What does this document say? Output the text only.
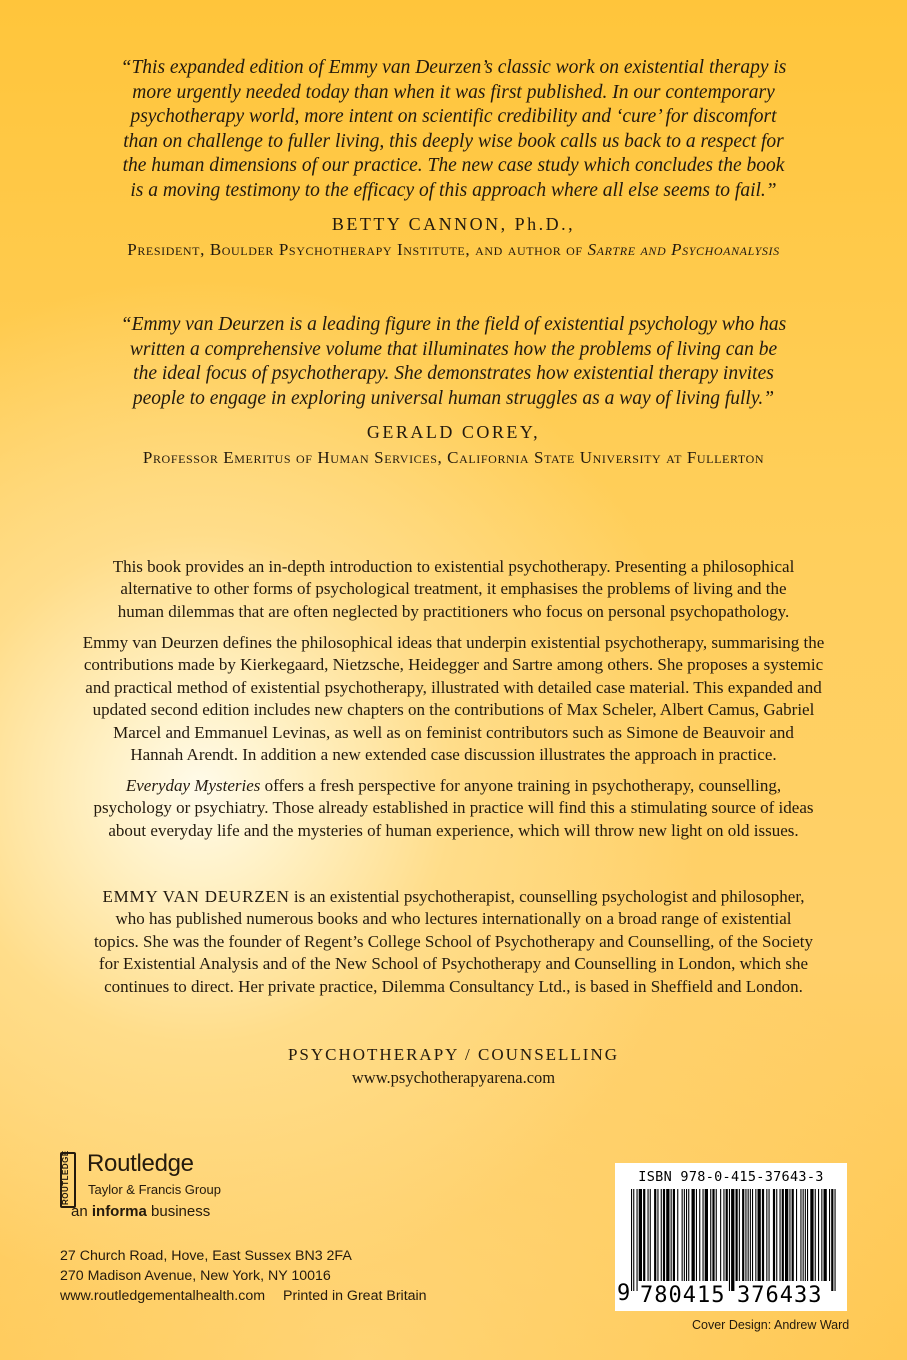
“This expanded edition of Emmy van Deurzen’s classic work on existential therapy is
more urgently needed today than when it was first published. In our contemporary
psychotherapy world, more intent on scientific credibility and ‘cure’ for discomfort
than on challenge to fuller living, this deeply wise book calls us back to a respect for
the human dimensions of our practice. The new case study which concludes the book
is a moving testimony to the efficacy of this approach where all else seems to fail.”
BETTY CANNON, Ph.D.,
President, Boulder Psychotherapy Institute, and author of Sartre and Psychoanalysis
“Emmy van Deurzen is a leading figure in the field of existential psychology who has
written a comprehensive volume that illuminates how the problems of living can be
the ideal focus of psychotherapy. She demonstrates how existential therapy invites
people to engage in exploring universal human struggles as a way of living fully.”
GERALD COREY,
Professor Emeritus of Human Services, California State University at Fullerton
This book provides an in-depth introduction to existential psychotherapy. Presenting a philosophical
alternative to other forms of psychological treatment, it emphasises the problems of living and the
human dilemmas that are often neglected by practitioners who focus on personal psychopathology.
Emmy van Deurzen defines the philosophical ideas that underpin existential psychotherapy, summarising the
contributions made by Kierkegaard, Nietzsche, Heidegger and Sartre among others. She proposes a systemic
and practical method of existential psychotherapy, illustrated with detailed case material. This expanded and
updated second edition includes new chapters on the contributions of Max Scheler, Albert Camus, Gabriel
Marcel and Emmanuel Levinas, as well as on feminist contributors such as Simone de Beauvoir and
Hannah Arendt. In addition a new extended case discussion illustrates the approach in practice.
Everyday Mysteries offers a fresh perspective for anyone training in psychotherapy, counselling,
psychology or psychiatry. Those already established in practice will find this a stimulating source of ideas
about everyday life and the mysteries of human experience, which will throw new light on old issues.
EMMY VAN DEURZEN is an existential psychotherapist, counselling psychologist and philosopher,
who has published numerous books and who lectures internationally on a broad range of existential
topics. She was the founder of Regent’s College School of Psychotherapy and Counselling, of the Society
for Existential Analysis and of the New School of Psychotherapy and Counselling in London, which she
continues to direct. Her private practice, Dilemma Consultancy Ltd., is based in Sheffield and London.
PSYCHOTHERAPY / COUNSELLING
www.psychotherapyarena.com
ROUTLEDGE Routledge
Taylor & Francis Group
an informa business
27 Church Road, Hove, East Sussex BN3 2FA
270 Madison Avenue, New York, NY 10016
www.routledgementalhealth.com Printed in Great Britain
ISBN 978-0-415-37643-3
9 780415 376433
Cover Design: Andrew Ward
